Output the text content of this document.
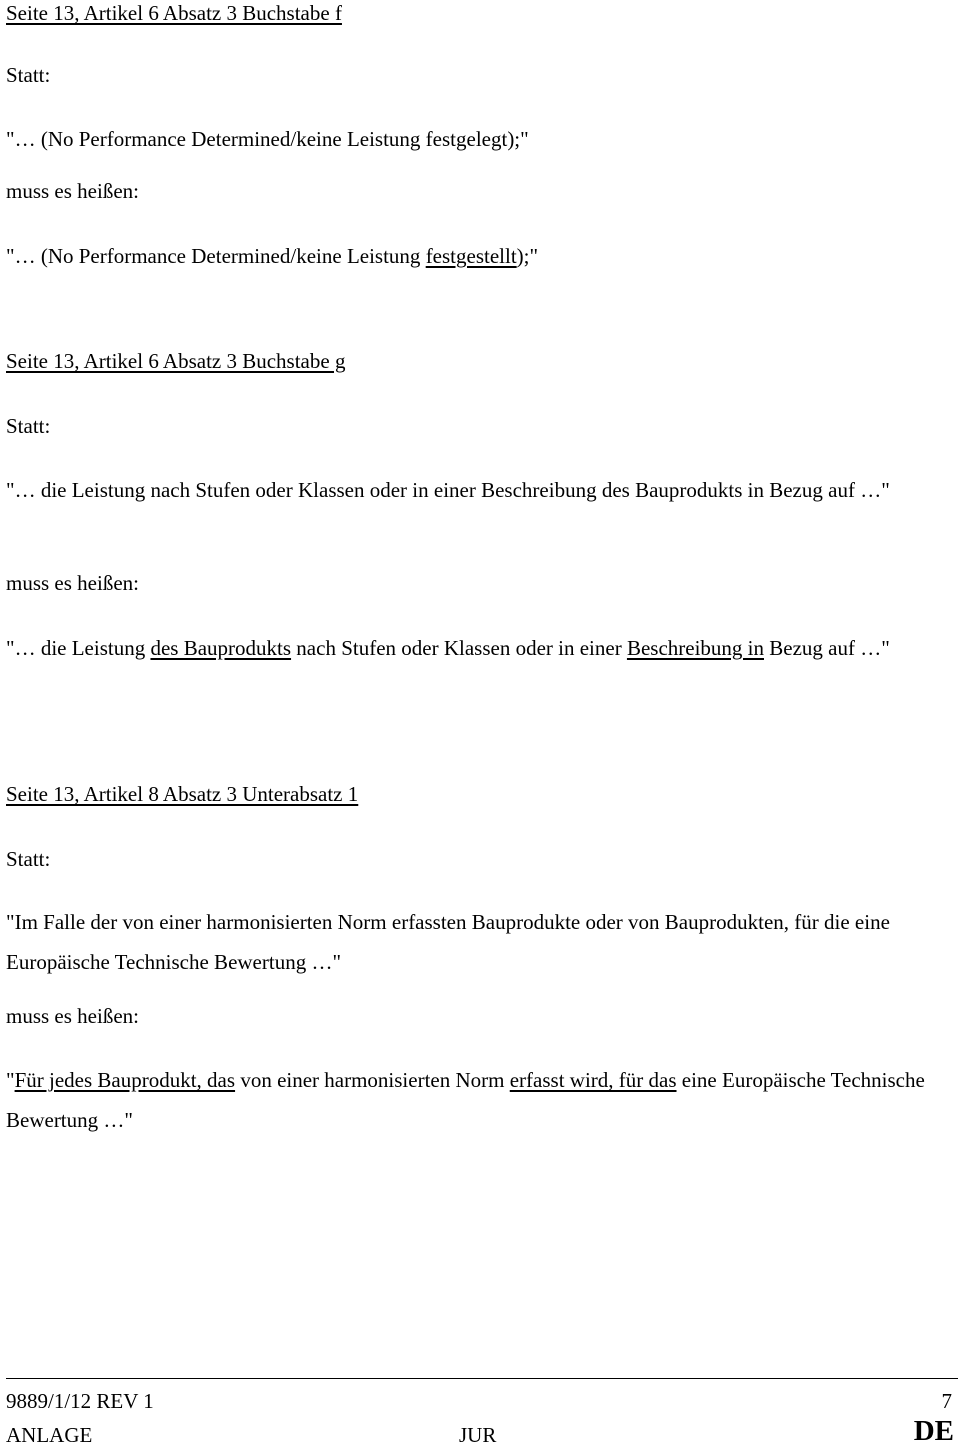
Seite 13, Artikel 6 Absatz 3 Buchstabe f
Statt:
"… (No Performance Determined/keine Leistung festgelegt);"
muss es heißen:
"… (No Performance Determined/keine Leistung festgestellt);"
Seite 13, Artikel 6 Absatz 3 Buchstabe g
Statt:
"… die Leistung nach Stufen oder Klassen oder in einer Beschreibung des Bauprodukts in Bezug auf …"
muss es heißen:
"… die Leistung des Bauprodukts nach Stufen oder Klassen oder in einer Beschreibung in Bezug auf …"
Seite 13, Artikel 8 Absatz 3 Unterabsatz 1
Statt:
"Im Falle der von einer harmonisierten Norm erfassten Bauprodukte oder von Bauprodukten, für die eine Europäische Technische Bewertung …"
muss es heißen:
"Für jedes Bauprodukt, das von einer harmonisierten Norm erfasst wird, für das eine Europäische Technische Bewertung …"
9889/1/12 REV 1	7
ANLAGE	JUR	DE
